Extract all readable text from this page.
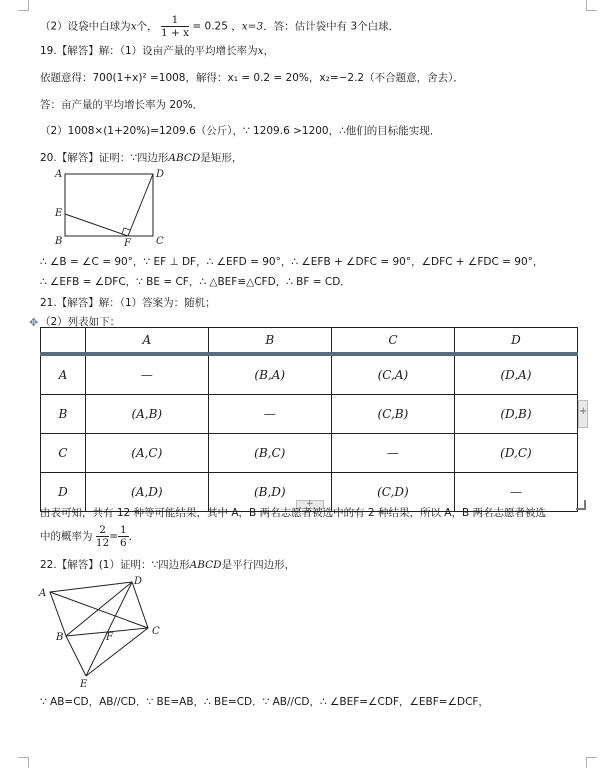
（2）设袋中白球为x个， $\frac{1}{1 + x} = 0.25$ ，x=3．答：估计袋中有 3个白球．
19.【解答】解：（1）设亩产量的平均增长率为x，
依题意得：700(1+x)² =1008，解得：x₁ = 0.2 = 20%，x₂=−2.2（不合题意，舍去）．
答：亩产量的平均增长率为 20%．
（2）1008×(1+20%)=1209.6（公斤），∵ 1209.6 >1200，∴他们的目标能实现．
20.【解答】证明：∵四边形ABCD是矩形，
A	D
E
B	F	C
∴ ∠B = ∠C = 90°，∵ EF ⊥ DF，∴ ∠EFD = 90°，∴ ∠EFB + ∠DFC = 90°，∠DFC + ∠FDC = 90°，
∴ ∠EFB = ∠DFC，∵ BE = CF，∴ △BEF≌△CFD，∴ BF = CD．
21.【解答】解：（1）答案为：随机；
✥ （2）列表如下：
	A	B	C	D
A	—	(B,A)	(C,A)	(D,A)
B	(A,B)	—	(C,B)	(D,B)
C	(A,C)	(B,C)	—	(D,C)
D	(A,D)	(B,D)	(C,D)	—
+
+
由表可知，共有 12 种等可能结果，其中 A，B 两名志愿者被选中的有 2 种结果，所以 A，B 两名志愿者被选
中的概率为 $\frac{2}{12} = \frac{1}{6}$ ．
22.【解答】(1）证明：∵四边形ABCD是平行四边形，
A
D
B	F
C
E
∵ AB=CD，AB//CD．∵ BE=AB，∴ BE=CD．∵ AB//CD，∴ ∠BEF=∠CDF，∠EBF=∠DCF，
